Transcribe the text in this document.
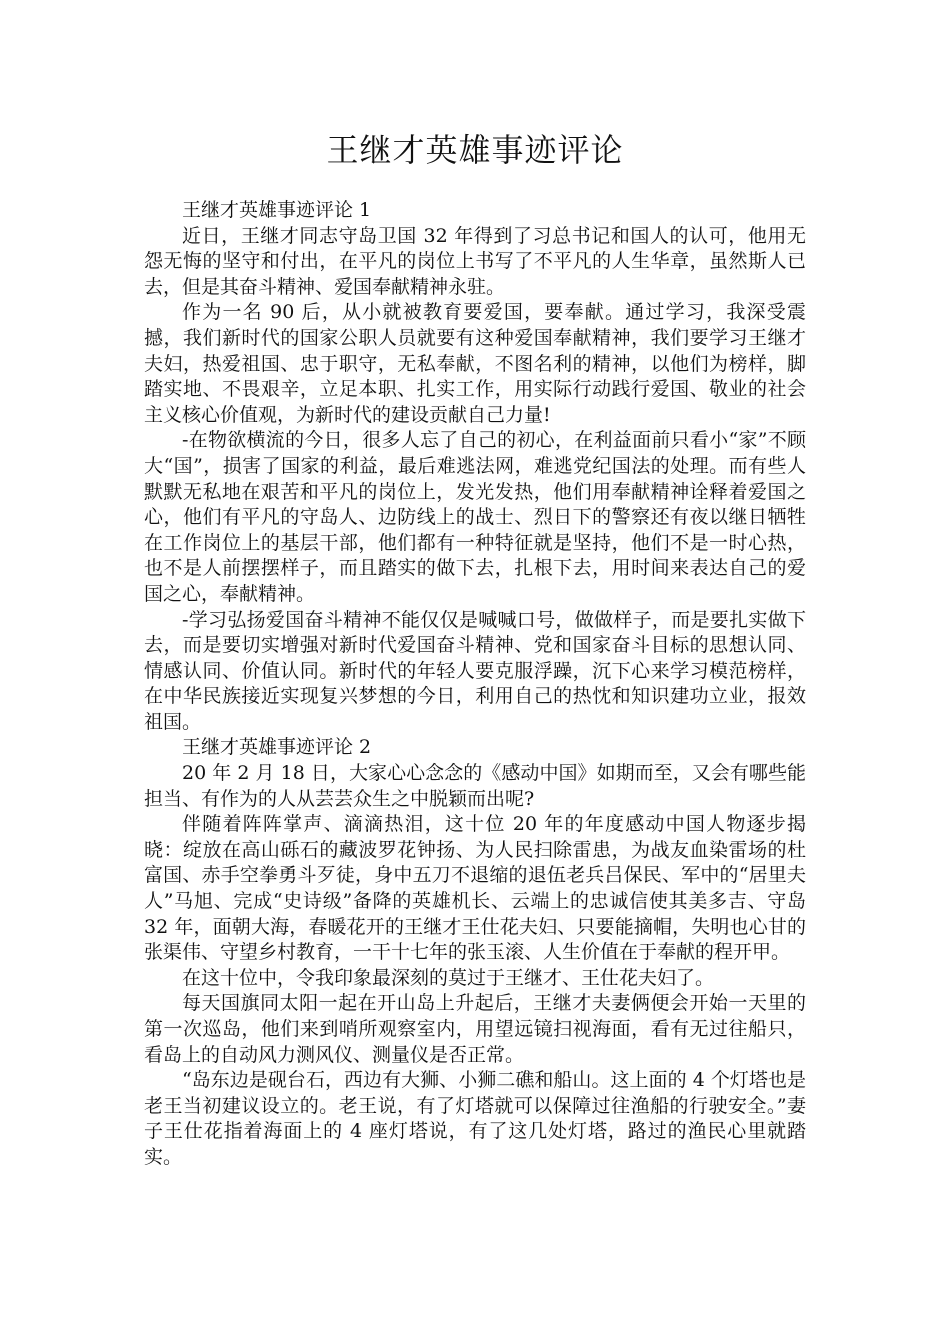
王继才英雄事迹评论

王继才英雄事迹评论 1

近日，王继才同志守岛卫国 32 年得到了习总书记和国人的认可，他用无怨无悔的坚守和付出，在平凡的岗位上书写了不平凡的人生华章，虽然斯人已去，但是其奋斗精神、爱国奉献精神永驻。

作为一名 90 后，从小就被教育要爱国，要奉献。通过学习，我深受震撼，我们新时代的国家公职人员就要有这种爱国奉献精神，我们要学习王继才夫妇，热爱祖国、忠于职守，无私奉献，不图名利的精神，以他们为榜样，脚踏实地、不畏艰辛，立足本职、扎实工作，用实际行动践行爱国、敬业的社会主义核心价值观，为新时代的建设贡献自己力量!

-在物欲横流的今日，很多人忘了自己的初心，在利益面前只看小“家”不顾大“国”，损害了国家的利益，最后难逃法网，难逃党纪国法的处理。而有些人默默无私地在艰苦和平凡的岗位上，发光发热，他们用奉献精神诠释着爱国之心，他们有平凡的守岛人、边防线上的战士、烈日下的警察还有夜以继日牺牲在工作岗位上的基层干部，他们都有一种特征就是坚持，他们不是一时心热，也不是人前摆摆样子，而且踏实的做下去，扎根下去，用时间来表达自己的爱国之心，奉献精神。

-学习弘扬爱国奋斗精神不能仅仅是喊喊口号，做做样子，而是要扎实做下去，而是要切实增强对新时代爱国奋斗精神、党和国家奋斗目标的思想认同、情感认同、价值认同。新时代的年轻人要克服浮躁，沉下心来学习模范榜样，在中华民族接近实现复兴梦想的今日，利用自己的热忱和知识建功立业，报效祖国。

王继才英雄事迹评论 2

20 年 2 月 18 日，大家心心念念的《感动中国》如期而至，又会有哪些能担当、有作为的人从芸芸众生之中脱颖而出呢?

伴随着阵阵掌声、滴滴热泪，这十位 20 年的年度感动中国人物逐步揭晓：绽放在高山砾石的藏波罗花钟扬、为人民扫除雷患，为战友血染雷场的杜富国、赤手空拳勇斗歹徒，身中五刀不退缩的退伍老兵吕保民、军中的“居里夫人”马旭、完成“史诗级”备降的英雄机长、云端上的忠诚信使其美多吉、守岛 32 年，面朝大海，春暖花开的王继才王仕花夫妇、只要能摘帽，失明也心甘的张渠伟、守望乡村教育，一干十七年的张玉滚、人生价值在于奉献的程开甲。

在这十位中，令我印象最深刻的莫过于王继才、王仕花夫妇了。

每天国旗同太阳一起在开山岛上升起后，王继才夫妻俩便会开始一天里的第一次巡岛，他们来到哨所观察室内，用望远镜扫视海面，看有无过往船只，看岛上的自动风力测风仪、测量仪是否正常。

“岛东边是砚台石，西边有大狮、小狮二礁和船山。这上面的 4 个灯塔也是老王当初建议设立的。老王说，有了灯塔就可以保障过往渔船的行驶安全。”妻子王仕花指着海面上的 4 座灯塔说，有了这几处灯塔，路过的渔民心里就踏实。
